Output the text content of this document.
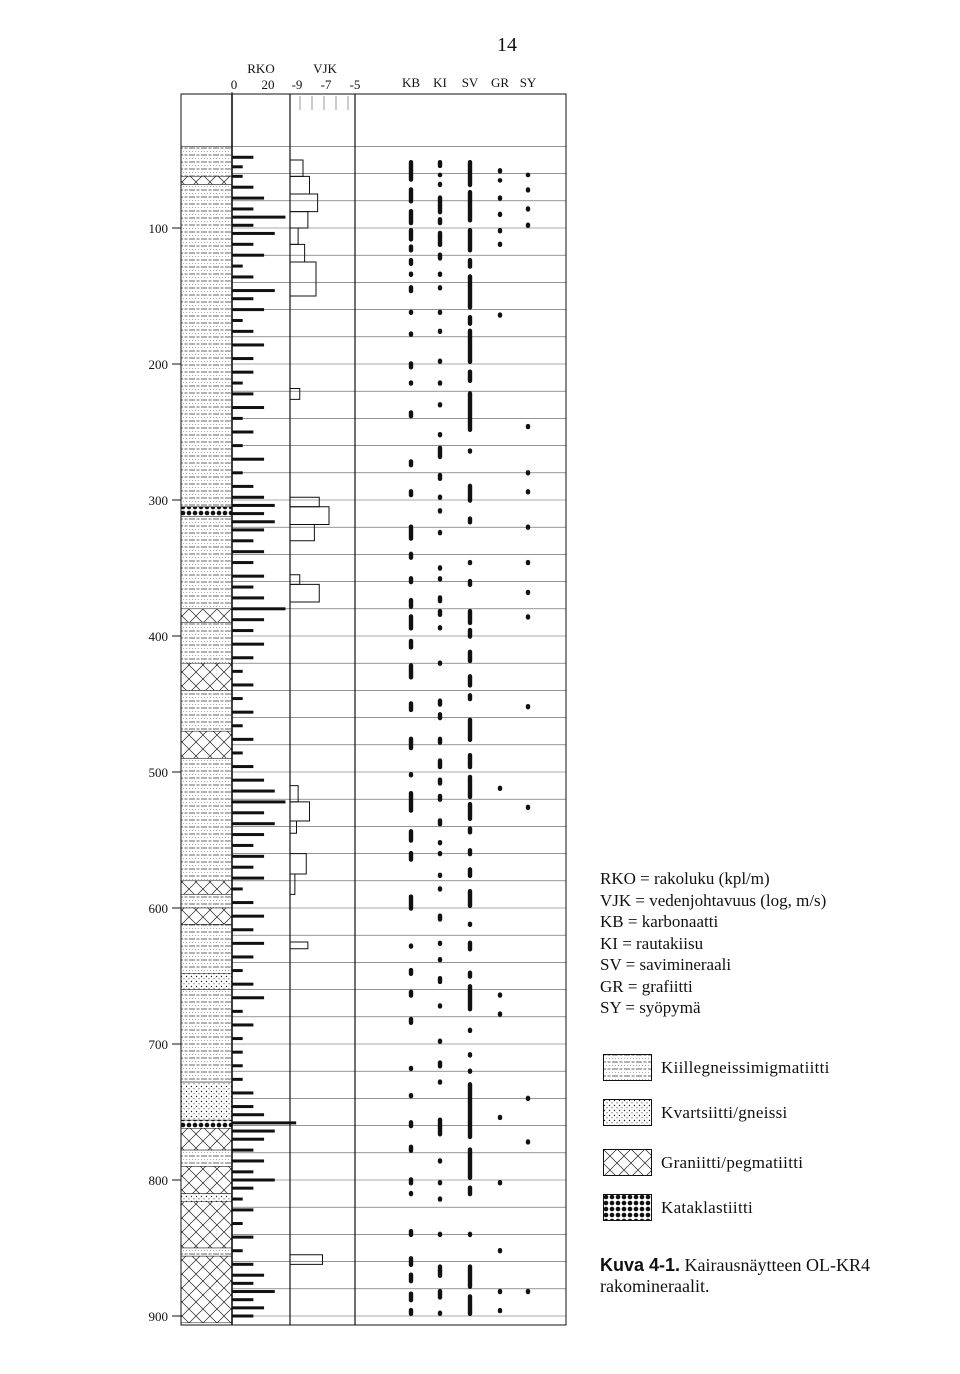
14
RKO
0 20
VJK
-9 -7 -5	KB KI SV GR SY
100
200
300
400
500
600
700
800
900
RKO = rakoluku (kpl/m)
VJK = vedenjohtavuus (log, m/s)
KB = karbonaatti
KI = rautakiisu
SV = savimineraali
GR = grafiitti
SY = syöpymä
Kiillegneissimigmatiitti
Kvartsiitti/gneissi
Graniitti/pegmatiitti
Kataklastiitti
Kuva 4-1. Kairausnäytteen OL-KR4 rakomineraalit.
